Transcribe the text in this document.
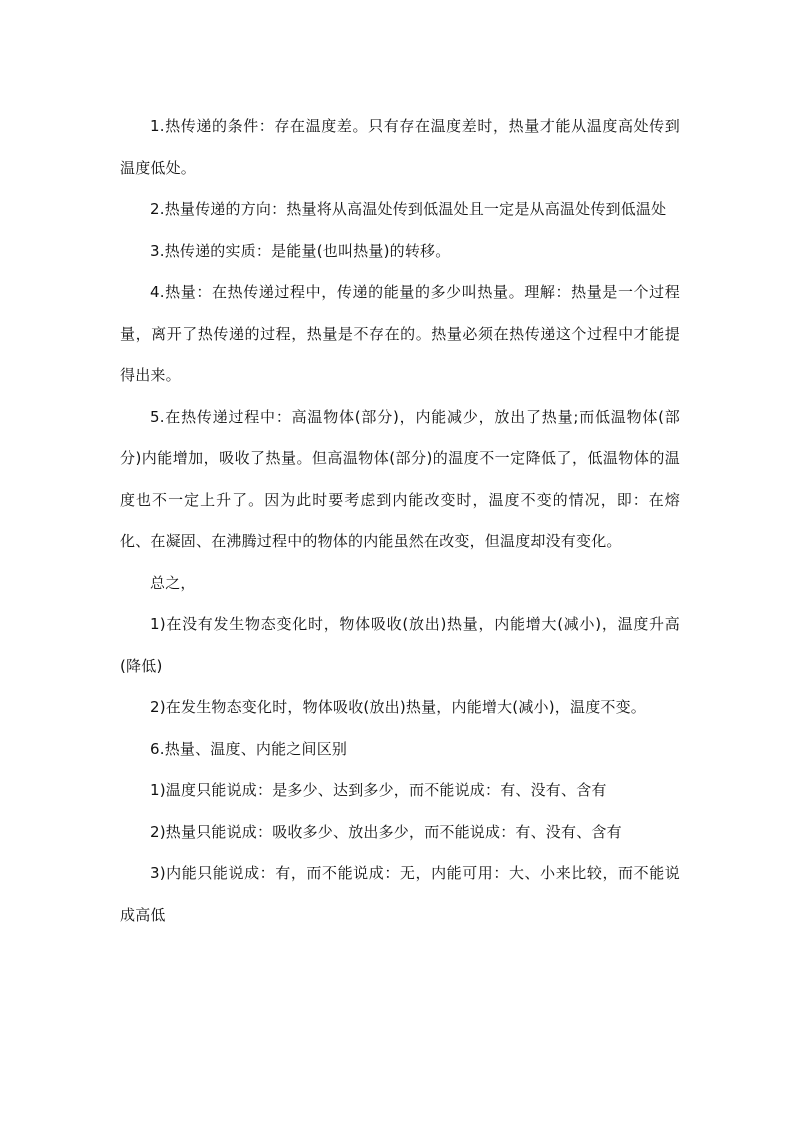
1.热传递的条件：存在温度差。只有存在温度差时，热量才能从温度高处传到温度低处。

2.热量传递的方向：热量将从高温处传到低温处且一定是从高温处传到低温处

3.热传递的实质：是能量(也叫热量)的转移。

4.热量：在热传递过程中，传递的能量的多少叫热量。理解：热量是一个过程量，离开了热传递的过程，热量是不存在的。热量必须在热传递这个过程中才能提得出来。

5.在热传递过程中：高温物体(部分)，内能减少，放出了热量;而低温物体(部分)内能增加，吸收了热量。但高温物体(部分)的温度不一定降低了，低温物体的温度也不一定上升了。因为此时要考虑到内能改变时，温度不变的情况，即：在熔化、在凝固、在沸腾过程中的物体的内能虽然在改变，但温度却没有变化。

总之，

1)在没有发生物态变化时，物体吸收(放出)热量，内能增大(减小)，温度升高(降低)

2)在发生物态变化时，物体吸收(放出)热量，内能增大(减小)，温度不变。

6.热量、温度、内能之间区别

1)温度只能说成：是多少、达到多少，而不能说成：有、没有、含有

2)热量只能说成：吸收多少、放出多少，而不能说成：有、没有、含有

3)内能只能说成：有，而不能说成：无，内能可用：大、小来比较，而不能说成高低
